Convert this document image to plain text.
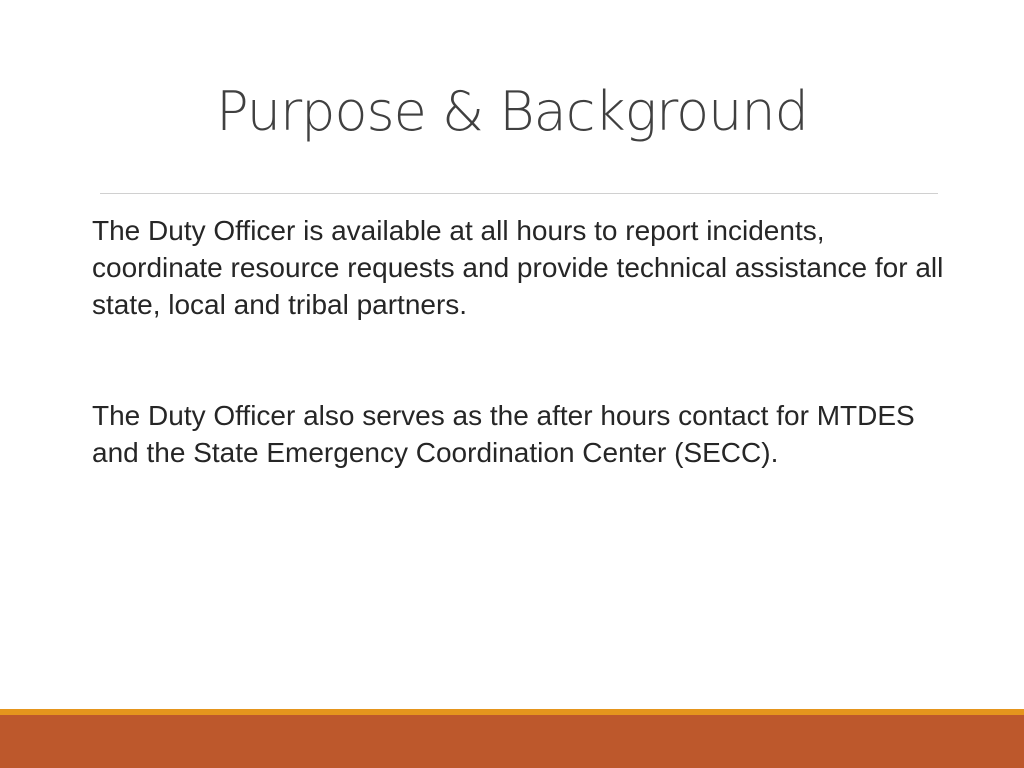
Purpose & Background

The Duty Officer is available at all hours to report incidents, coordinate resource requests and provide technical assistance for all state, local and tribal partners.

The Duty Officer also serves as the after hours contact for MTDES and the State Emergency Coordination Center (SECC).
